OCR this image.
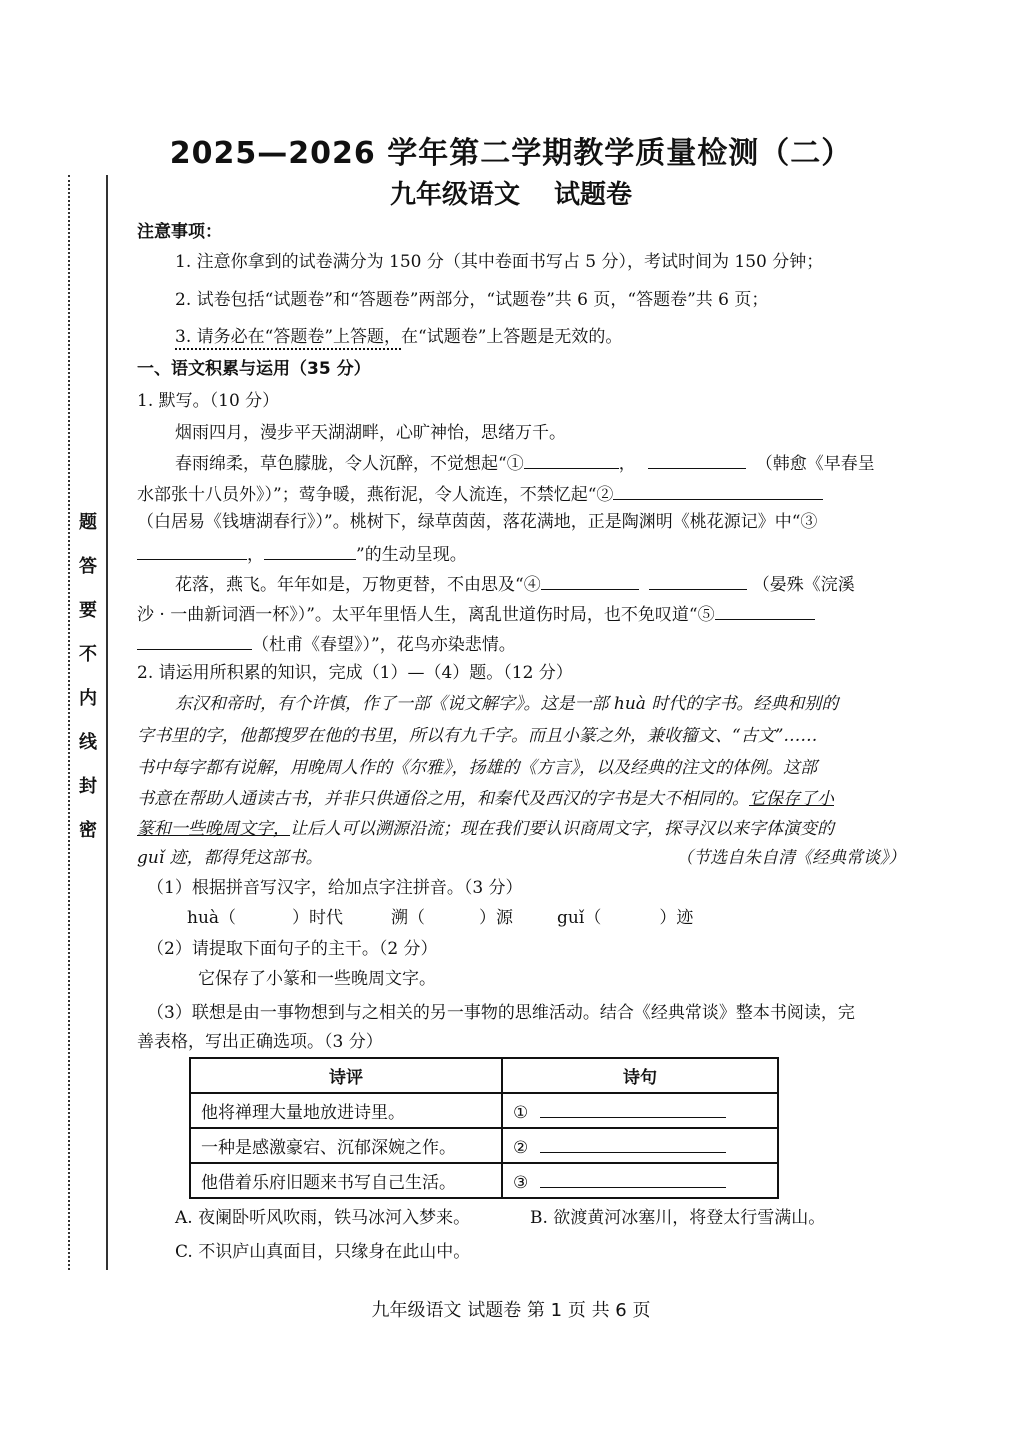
题
答
要
不
内
线
封
密
2025—2026 学年第二学期教学质量检测（二）
九年级语文 试题卷
注意事项：
1. 注意你拿到的试卷满分为 150 分（其中卷面书写占 5 分），考试时间为 150 分钟；
2. 试卷包括“试题卷”和“答题卷”两部分，“试题卷”共 6 页，“答题卷”共 6 页；
3. 请务必在“答题卷”上答题，在“试题卷”上答题是无效的。
一、语文积累与运用（35 分）
1. 默写。（10 分）
烟雨四月，漫步平天湖湖畔，心旷神怡，思绪万千。
春雨绵柔，草色朦胧，令人沉醉，不觉想起“①	，	（韩愈《早春呈
水部张十八员外》）”；莺争暖，燕衔泥，令人流连，不禁忆起“②
（白居易《钱塘湖春行》）”。桃树下，绿草茵茵，落花满地，正是陶渊明《桃花源记》中“③
，	”的生动呈现。
花落，燕飞。年年如是，万物更替，不由思及“④	（晏殊《浣溪
沙 · 一曲新词酒一杯》）”。太平年里悟人生，离乱世道伤时局，也不免叹道“⑤
（杜甫《春望》）”，花鸟亦染悲情。
2. 请运用所积累的知识，完成（1）—（4）题。（12 分）
东汉和帝时，有个许慎，作了一部《说文解字》。这是一部 huà 时代的字书。经典和别的
字书里的字，他都搜罗在他的书里，所以有九千字。而且小篆之外，兼收籀文、“古文”……
书中每字都有说解，用晚周人作的《尔雅》，扬雄的《方言》，以及经典的注文的体例。这部
书意在帮助人通读古书，并非只供通俗之用，和秦代及西汉的字书是大不相同的。它保存了小
篆和一些晚周文字，让后人可以溯源沿流；现在我们要认识商周文字，探寻汉以来字体演变的
guǐ 迹，都得凭这部书。	（节选自朱自清《经典常谈》）
（1）根据拼音写汉字，给加点字注拼音。（3 分）
huà（	）时代	溯（	）源	guǐ（	）迹
（2）请提取下面句子的主干。（2 分）
它保存了小篆和一些晚周文字。
（3）联想是由一事物想到与之相关的另一事物的思维活动。结合《经典常谈》整本书阅读，完
善表格，写出正确选项。（3 分）
诗评	诗句
他将禅理大量地放进诗里。	①
一种是感激豪宕、沉郁深婉之作。	②
他借着乐府旧题来书写自己生活。	③
A. 夜阑卧听风吹雨，铁马冰河入梦来。	B. 欲渡黄河冰塞川，将登太行雪满山。
C. 不识庐山真面目，只缘身在此山中。
九年级语文 试题卷 第 1 页 共 6 页
